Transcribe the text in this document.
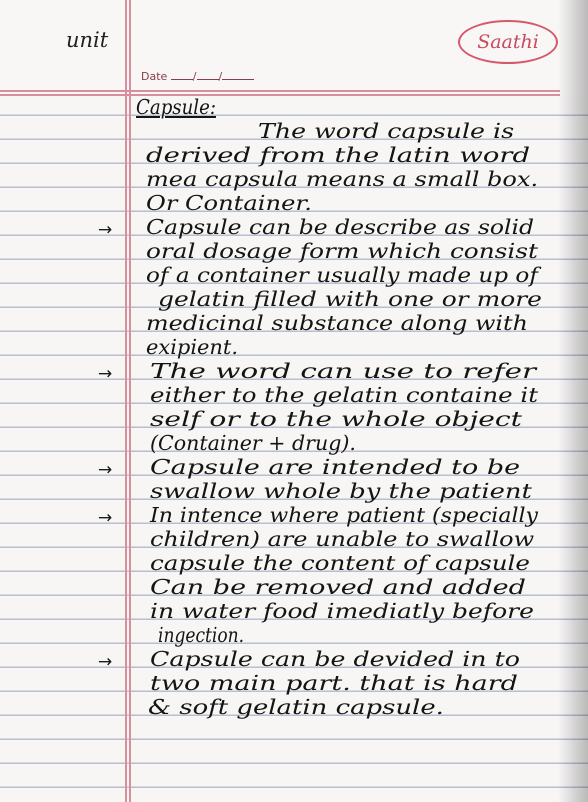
unit	Saathi
Date / /
Capsule:
The word capsule is
derived from the latin word
mea capsula means a small box.
Or Container.
→ Capsule can be describe as solid
oral dosage form which consist
of a container usually made up of
gelatin filled with one or more
medicinal substance along with
exipient.
→ The word can use to refer
either to the gelatin containe it
self or to the whole object
(Container + drug).
→ Capsule are intended to be
swallow whole by the patient
→ In intence where patient (specially
children) are unable to swallow
capsule the content of capsule
Can be removed and added
in water food imediatly before
ingection.
→ Capsule can be devided in to
two main part. that is hard
& soft gelatin capsule.
